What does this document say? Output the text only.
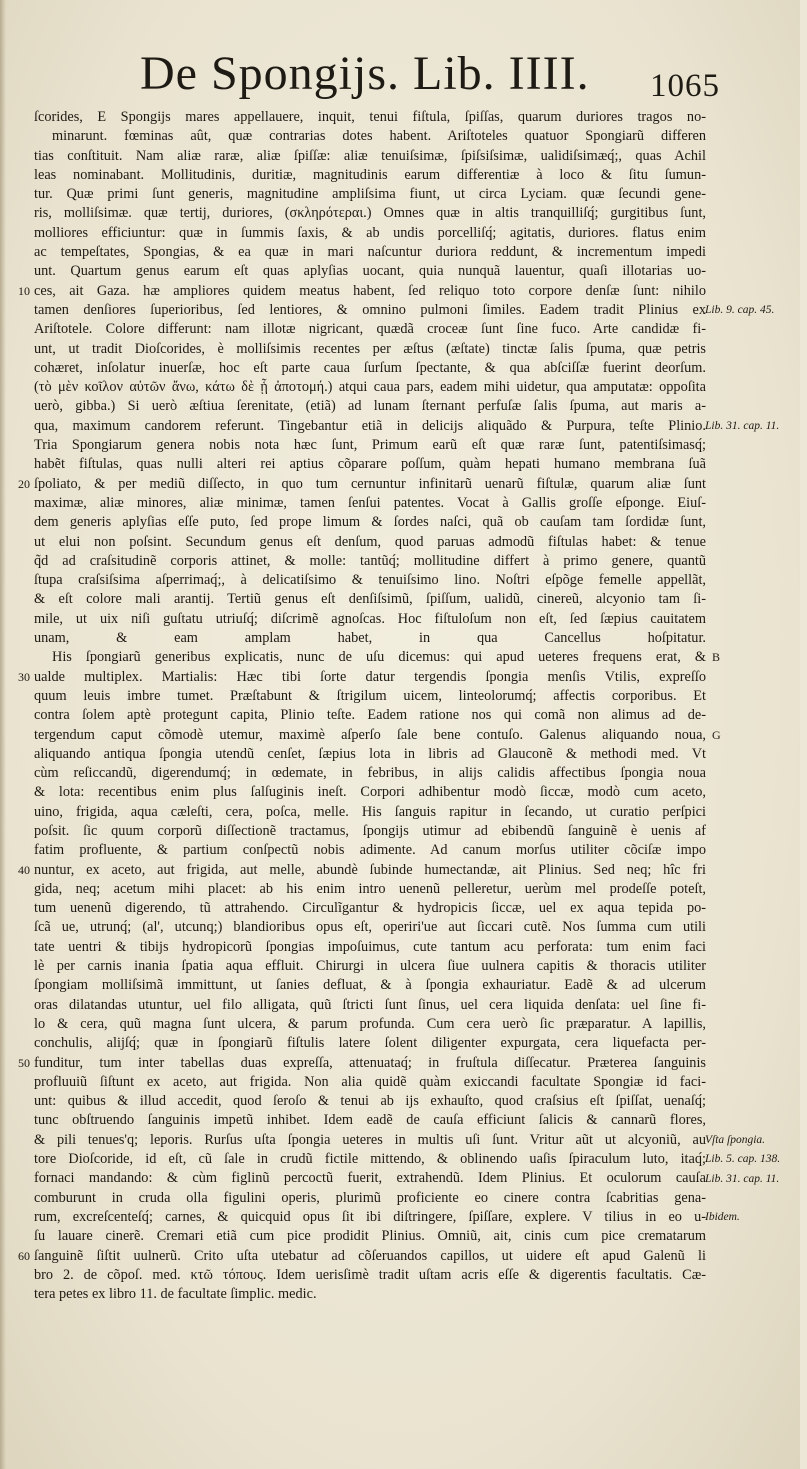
De Spongijs. Lib. IIII. 1065
ſcorides, E Spongijs mares appellauere, inquit, tenui fiſtula, ſpiſſas, quarum duriores tragos no-
minarunt. fœminas aût, quæ contrarias dotes habent. Ariſtoteles quatuor Spongiarũ differen
tias conſtituit. Nam aliæ raræ, aliæ ſpiſſæ: aliæ tenuiſsimæ, ſpiſsiſsimæ, ualidiſsimæq́;, quas Achil
leas nominabant. Mollitudinis, duritiæ, magnitudinis earum differentiæ à loco & ſitu ſumun-
tur. Quæ primi ſunt generis, magnitudine ampliſsima fiunt, ut circa Lyciam. quæ ſecundi gene-
ris, molliſsimæ. quæ tertij, duriores, (σκληρότεραι.) Omnes quæ in altis tranquilliſq́; gurgitibus ſunt,
molliores efficiuntur: quæ in ſummis ſaxis, & ab undis porcelliſq́; agitatis, duriores. flatus enim
ac tempeſtates, Spongias, & ea quæ in mari naſcuntur duriora reddunt, & incrementum impedi
unt. Quartum genus earum eſt quas aplyſias uocant, quia nunquã lauentur, quaſi illotarias uo-
10 ces, ait Gaza. hæ ampliores quidem meatus habent, ſed reliquo toto corpore denſæ ſunt: nihilo
tamen denſiores ſuperioribus, ſed lentiores, & omnino pulmoni ſimiles. Eadem tradit Plinius ex
Ariſtotele. Colore differunt: nam illotæ nigricant, quædã croceæ ſunt ſine fuco. Arte candidæ fi-
unt, ut tradit Dioſcorides, è molliſsimis recentes per æſtus (æſtate) tinctæ ſalis ſpuma, quæ petris
cohæret, inſolatur inuerſæ, hoc eſt parte caua ſurſum ſpectante, & qua abſciſſæ fuerint deorſum.
(τὸ μὲν κοῖλον αὐτῶν ἄνω, κάτω δὲ ᾗ ἀποτομή.) atqui caua pars, eadem mihi uidetur, qua amputatæ: oppoſita
uerò, gibba.) Si uerò æſtiua ſerenitate, (etiã) ad lunam ſternant perfuſæ ſalis ſpuma, aut maris a-
qua, maximum candorem referunt. Tingebantur etiã in delicijs aliquãdo & Purpura, teſte Plinio.
Tria Spongiarum genera nobis nota hæc ſunt, Primum earũ eſt quæ raræ ſunt, patentiſsimasq́;
habẽt fiſtulas, quas nulli alteri rei aptius cõparare poſſum, quàm hepati humano membrana ſuã
20 ſpoliato, & per mediũ diſſecto, in quo tum cernuntur infinitarũ uenarũ fiſtulæ, quarum aliæ ſunt
maximæ, aliæ minores, aliæ minimæ, tamen ſenſui patentes. Vocat à Gallis groſſe eſponge. Eiuſ-
dem generis aplyſias eſſe puto, ſed prope limum & ſordes naſci, quã ob cauſam tam ſordidæ ſunt,
ut elui non poſsint. Secundum genus eſt denſum, quod paruas admodũ fiſtulas habet: & tenue
q̃d ad craſsitudinẽ corporis attinet, & molle: tantũq́; mollitudine differt à primo genere, quantũ
ſtupa craſsiſsima aſperrimaq́;, à delicatiſsimo & tenuiſsimo lino. Noſtri eſpõge femelle appellãt,
& eſt colore mali arantij. Tertiũ genus eſt denſiſsimũ, ſpiſſum, ualidũ, cinereũ, alcyonio tam ſi-
mile, ut uix niſi guſtatu utriuſq́; diſcrimẽ agnoſcas. Hoc fiſtuloſum non eſt, ſed ſæpius cauitatem
unam, & eam amplam habet, in qua Cancellus hoſpitatur.
His ſpongiarũ generibus explicatis, nunc de uſu dicemus: qui apud ueteres frequens erat, &
30 ualde multiplex. Martialis: Hæc tibi ſorte datur tergendis ſpongia menſis Vtilis, expreſſo
quum leuis imbre tumet. Præſtabunt & ſtrigilum uicem, linteolorumq́; affectis corporibus. Et
contra ſolem aptè protegunt capita, Plinio teſte. Eadem ratione nos qui comã non alimus ad de-
tergendum caput cõmodè utemur, maximè aſperſo ſale bene contuſo. Galenus aliquando noua,
aliquando antiqua ſpongia utendũ cenſet, ſæpius lota in libris ad Glauconẽ & methodi med. Vt
cùm reſiccandũ, digerendumq́; in œdemate, in febribus, in alijs calidis affectibus ſpongia noua
& lota: recentibus enim plus ſalſuginis ineſt. Corpori adhibentur modò ſiccæ, modò cum aceto,
uino, frigida, aqua cæleſti, cera, poſca, melle. His ſanguis rapitur in ſecando, ut curatio perſpici
poſsit. ſic quum corporũ diſſectionẽ tractamus, ſpongijs utimur ad ebibendũ ſanguinẽ è uenis af
fatim profluente, & partium conſpectũ nobis adimente. Ad canum morſus utiliter cõciſæ impo
40 nuntur, ex aceto, aut frigida, aut melle, abundè ſubinde humectandæ, ait Plinius. Sed neq; hîc fri
gida, neq; acetum mihi placet: ab his enim intro uenenũ pelleretur, uerùm mel prodeſſe poteſt,
tum uenenũ digerendo, tũ attrahendo. Circulĩgantur & hydropicis ſiccæ, uel ex aqua tepida po-
ſcã ue, utrunq́; (al', utcunq;) blandioribus opus eſt, operiri'ue aut ſiccari cutẽ. Nos ſumma cum utili
tate uentri & tibijs hydropicorũ ſpongias impoſuimus, cute tantum acu perforata: tum enim faci
lè per carnis inania ſpatia aqua effluit. Chirurgi in ulcera ſiue uulnera capitis & thoracis utiliter
ſpongiam molliſsimã immittunt, ut ſanies defluat, & à ſpongia exhauriatur. Eadẽ & ad ulcerum
oras dilatandas utuntur, uel filo alligata, quũ ſtricti ſunt ſinus, uel cera liquida denſata: uel ſine fi-
lo & cera, quũ magna ſunt ulcera, & parum profunda. Cum cera uerò ſic præparatur. A lapillis,
conchulis, alijſq́; quæ in ſpongiarũ fiſtulis latere ſolent diligenter expurgata, cera liquefacta per-
50 funditur, tum inter tabellas duas expreſſa, attenuataq́; in fruſtula diſſecatur. Præterea ſanguinis
profluuiũ ſiſtunt ex aceto, aut frigida. Non alia quidẽ quàm exiccandi facultate Spongiæ id faci-
unt: quibus & illud accedit, quod ſeroſo & tenui ab ijs exhauſto, quod craſsius eſt ſpiſſat, uenaſq́;
tunc obſtruendo ſanguinis impetũ inhibet. Idem eadẽ de cauſa efficiunt ſalicis & cannarũ flores,
& pili tenues'q; leporis. Rurſus uſta ſpongia ueteres in multis uſi ſunt. Vritur aũt ut alcyoniũ, au
tore Dioſcoride, id eſt, cũ ſale in crudũ fictile mittendo, & oblinendo uaſis ſpiraculum luto, itaq́;
fornaci mandando: & cùm figlinũ percoctũ fuerit, extrahendũ. Idem Plinius. Et oculorum cauſa
comburunt in cruda olla figulini operis, plurimũ proficiente eo cinere contra ſcabritias gena-
rum, excreſcenteſq́; carnes, & quicquid opus ſit ibi diſtringere, ſpiſſare, explere. V tilius in eo u-
ſu lauare cinerẽ. Cremari etiã cum pice prodidit Plinius. Omniũ, ait, cinis cum pice crematarum
60 ſanguinẽ ſiſtit uulnerũ. Crito uſta utebatur ad cõſeruandos capillos, ut uidere eſt apud Galenũ li
bro 2. de cõpoſ. med. κτῶ τόπους. Idem uerisſimè tradit uſtam acris eſſe & digerentis facultatis. Cæ-
tera petes ex libro 11. de facultate ſimplic. medic.
Lib. 9. cap. 45.
Lib. 31. cap. 11.
B
G
Vſta ſpongia.
Lib. 5. cap. 138.
Lib. 31. cap. 11.
Ibidem.
